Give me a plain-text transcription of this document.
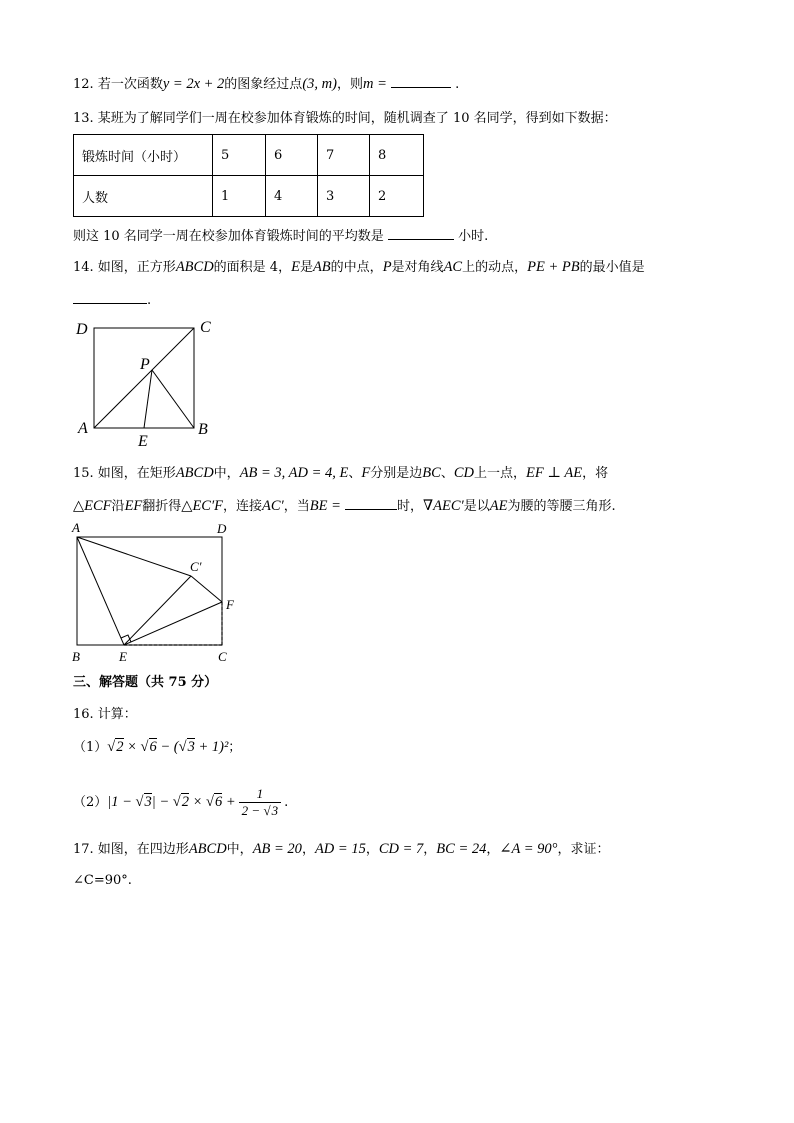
12. 若一次函数y = 2x + 2的图象经过点(3, m)，则m =	.
13. 某班为了解同学们一周在校参加体育锻炼的时间，随机调查了 10 名同学，得到如下数据：
锻炼时间（小时）	5	6	7	8
人数	1	4	3	2
则这 10 名同学一周在校参加体育锻炼时间的平均数是	小时.
14. 如图，正方形ABCD的面积是 4，E是AB的中点，P是对角线AC上的动点，PE + PB的最小值是
.
D	C
A	B
P
E
15. 如图，在矩形ABCD中，AB = 3, AD = 4, E、F分别是边BC、CD上一点，EF ⊥ AE，将
△ECF沿EF翻折得△EC′F，连接AC′，当BE =	时，∇AEC′是以AE为腰的等腰三角形.
A	D
C′
F
B	E	C
三、解答题（共 75 分）
16. 计算：
（1）√2 × √6 − (√3 + 1)²；
$(2)|1 - √3| - √2 \times √6 + \frac{1}{2 - √3}$ .
17. 如图，在四边形ABCD中，AB = 20，AD = 15，CD = 7，BC = 24，∠A = 90°，求证：
∠C=90°.
